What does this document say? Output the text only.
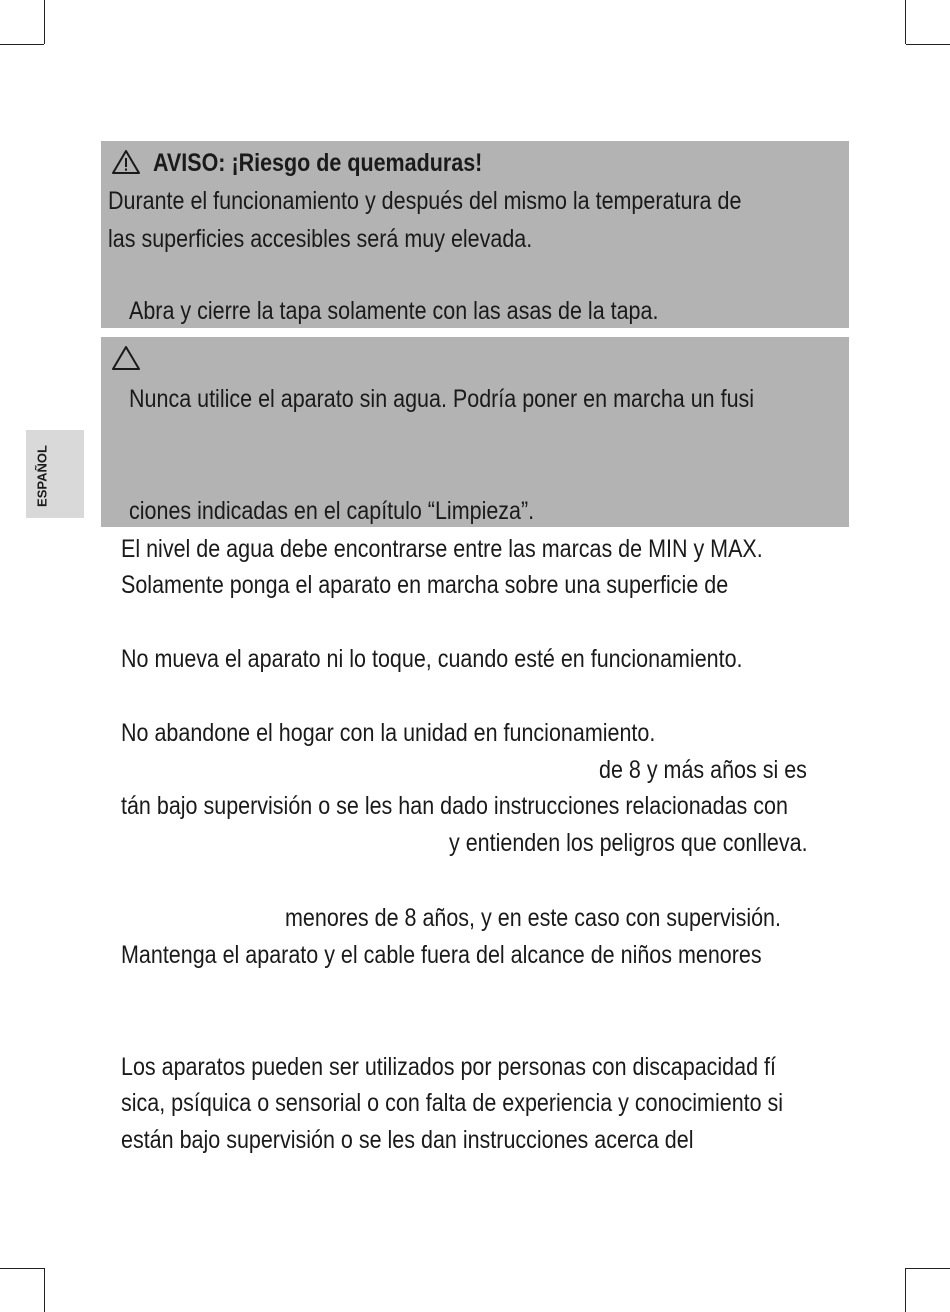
ESPAÑOL
AVISO: ¡Riesgo de quemaduras!
Durante el funcionamiento y después del mismo la temperatura de
las superficies accesibles será muy elevada.
Abra y cierre la tapa solamente con las asas de la tapa.
Nunca utilice el aparato sin agua. Podría poner en marcha un fusi
ciones indicadas en el capítulo “Limpieza”.
El nivel de agua debe encontrarse entre las marcas de MIN y MAX.
Solamente ponga el aparato en marcha sobre una superficie de
No mueva el aparato ni lo toque, cuando esté en funcionamiento.
No abandone el hogar con la unidad en funcionamiento.
de 8 y más años si es
tán bajo supervisión o se les han dado instrucciones relacionadas con
y entienden los peligros que conlleva.
menores de 8 años, y en este caso con supervisión.
Mantenga el aparato y el cable fuera del alcance de niños menores
Los aparatos pueden ser utilizados por personas con discapacidad fí
sica, psíquica o sensorial o con falta de experiencia y conocimiento si
están bajo supervisión o se les dan instrucciones acerca del
